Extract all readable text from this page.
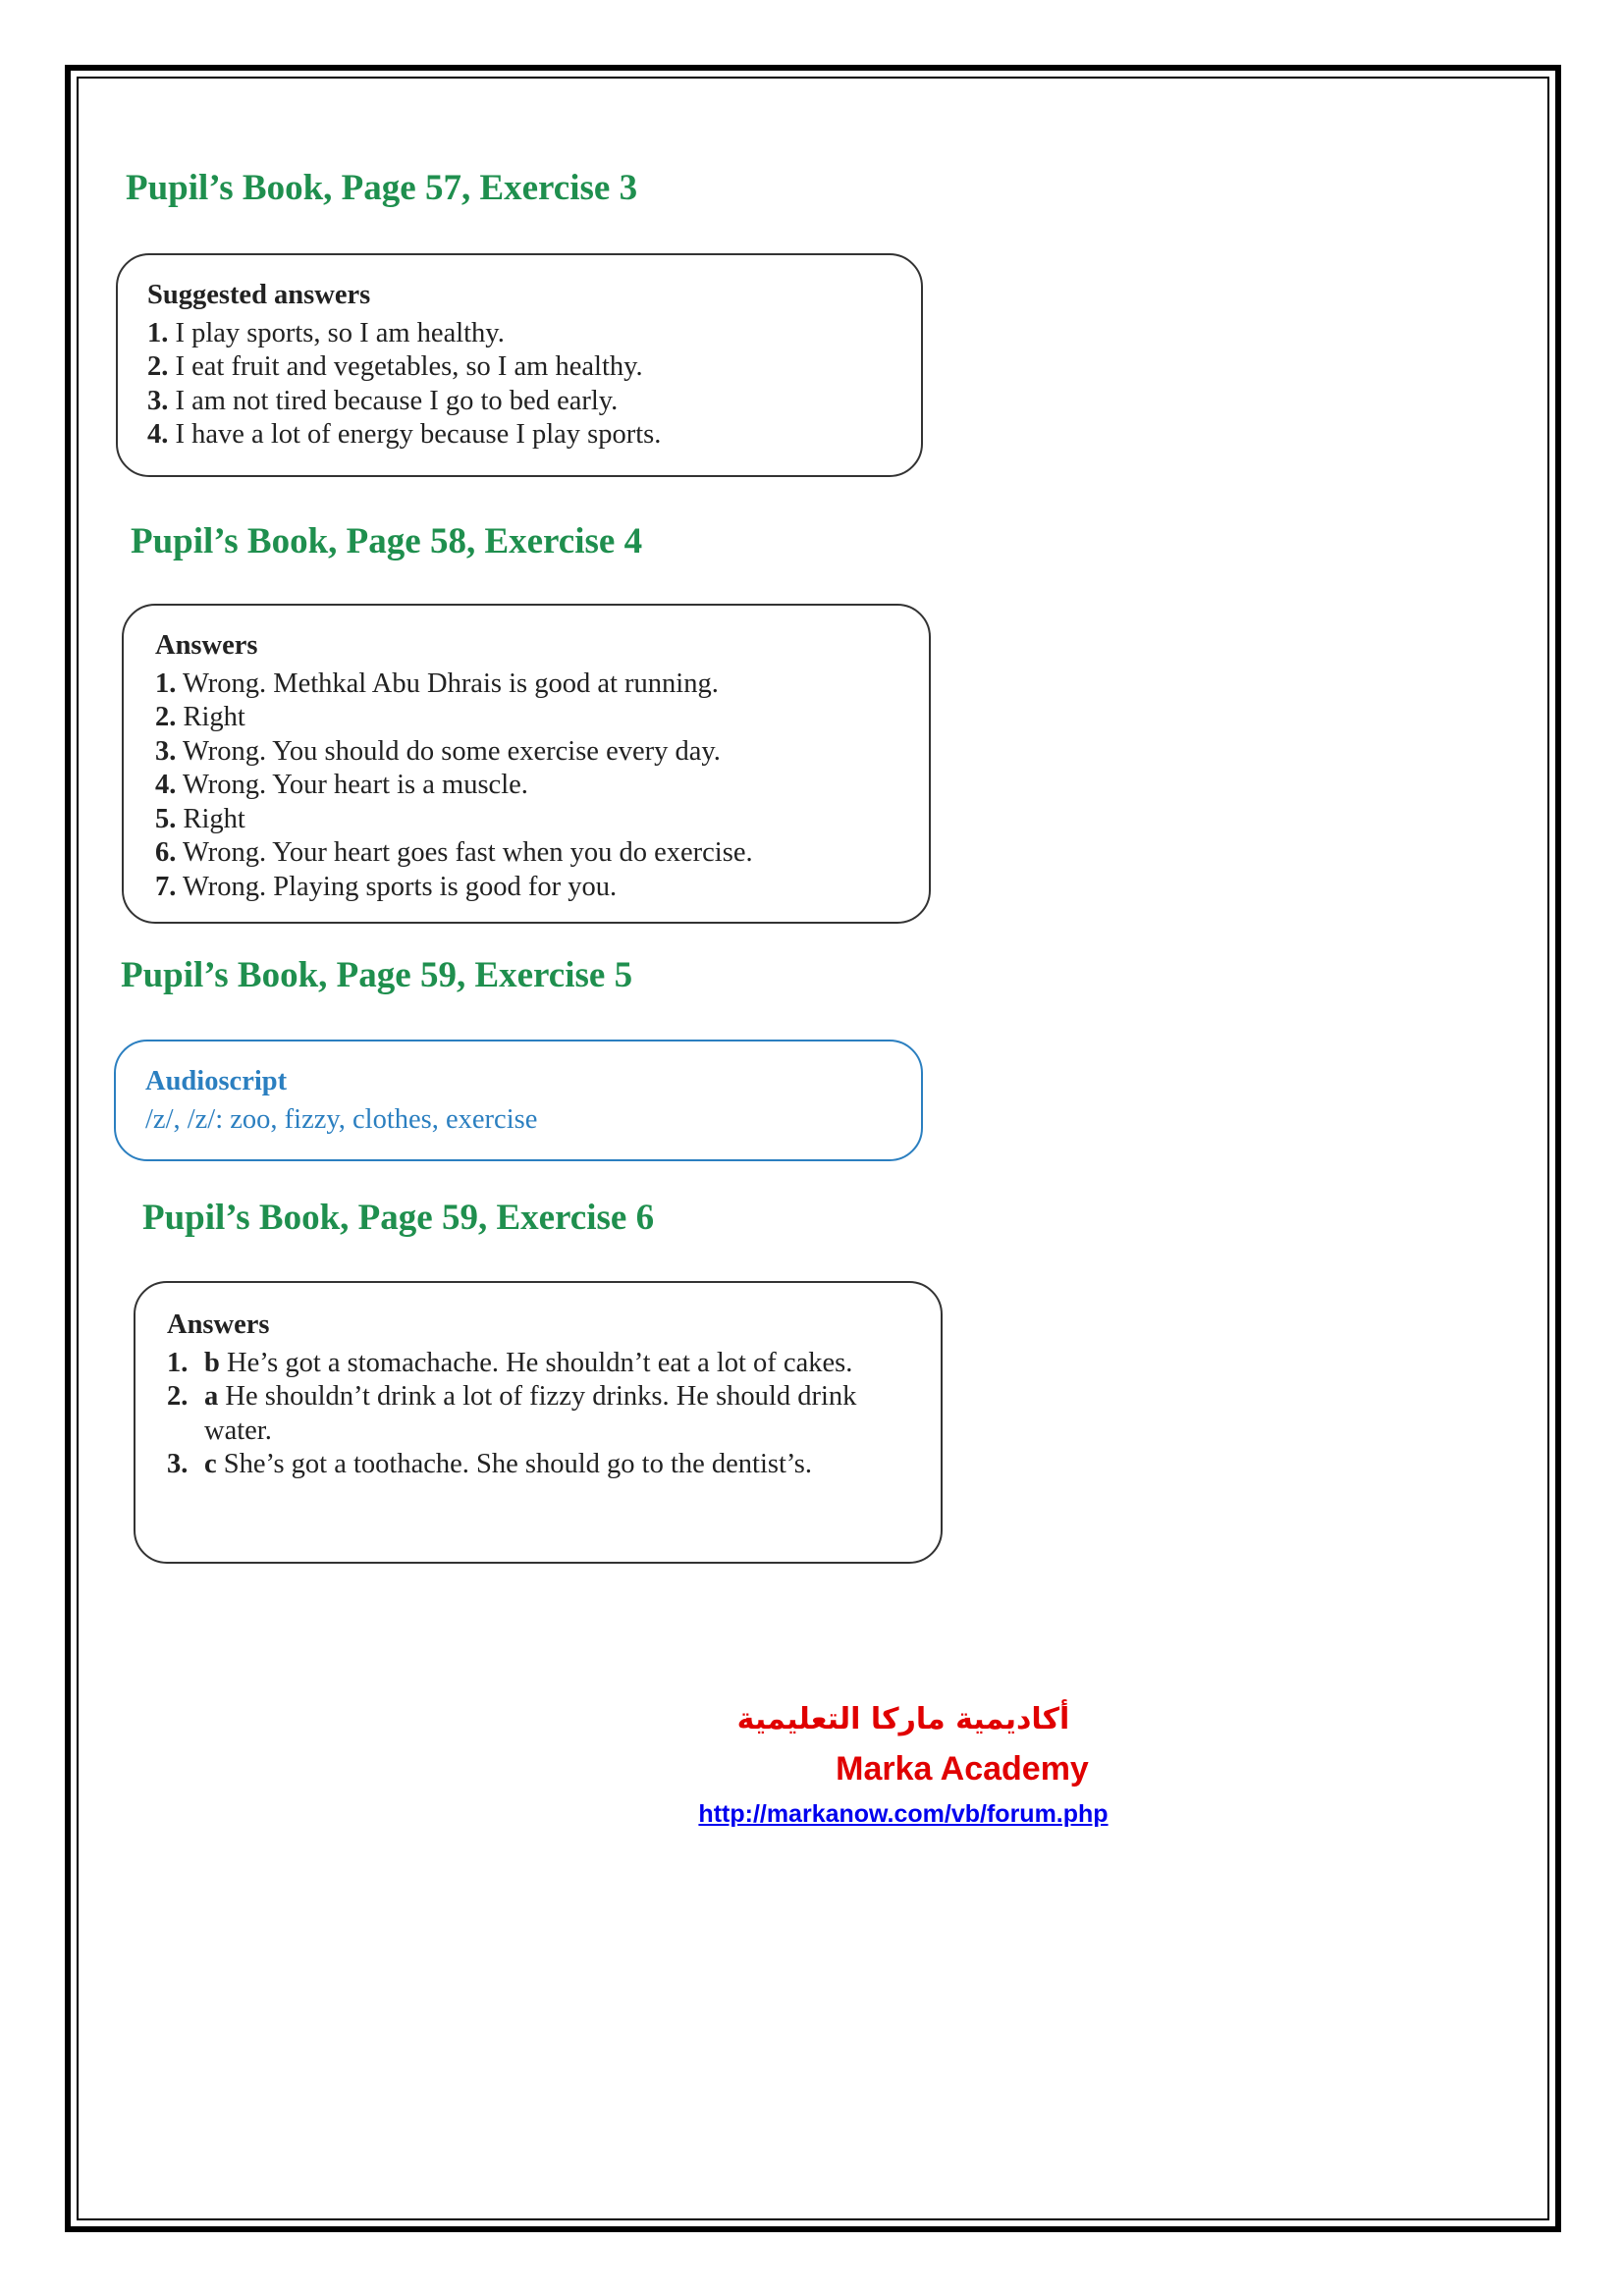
Pupil’s Book, Page 57, Exercise 3
Suggested answers
1. I play sports, so I am healthy.
2. I eat fruit and vegetables, so I am healthy.
3. I am not tired because I go to bed early.
4. I have a lot of energy because I play sports.
Pupil’s Book, Page 58, Exercise 4
Answers
1. Wrong. Methkal Abu Dhrais is good at running.
2. Right
3. Wrong. You should do some exercise every day.
4. Wrong. Your heart is a muscle.
5. Right
6. Wrong. Your heart goes fast when you do exercise.
7. Wrong. Playing sports is good for you.
Pupil’s Book, Page 59, Exercise 5
Audioscript
/z/, /z/: zoo, fizzy, clothes, exercise
Pupil’s Book, Page 59, Exercise 6
Answers
1. b He’s got a stomachache. He shouldn’t eat a lot of cakes.
2. a He shouldn’t drink a lot of fizzy drinks. He should drink water.
3. c She’s got a toothache. She should go to the dentist’s.
أكاديمية ماركا التعليمية
Marka Academy
http://markanow.com/vb/forum.php
